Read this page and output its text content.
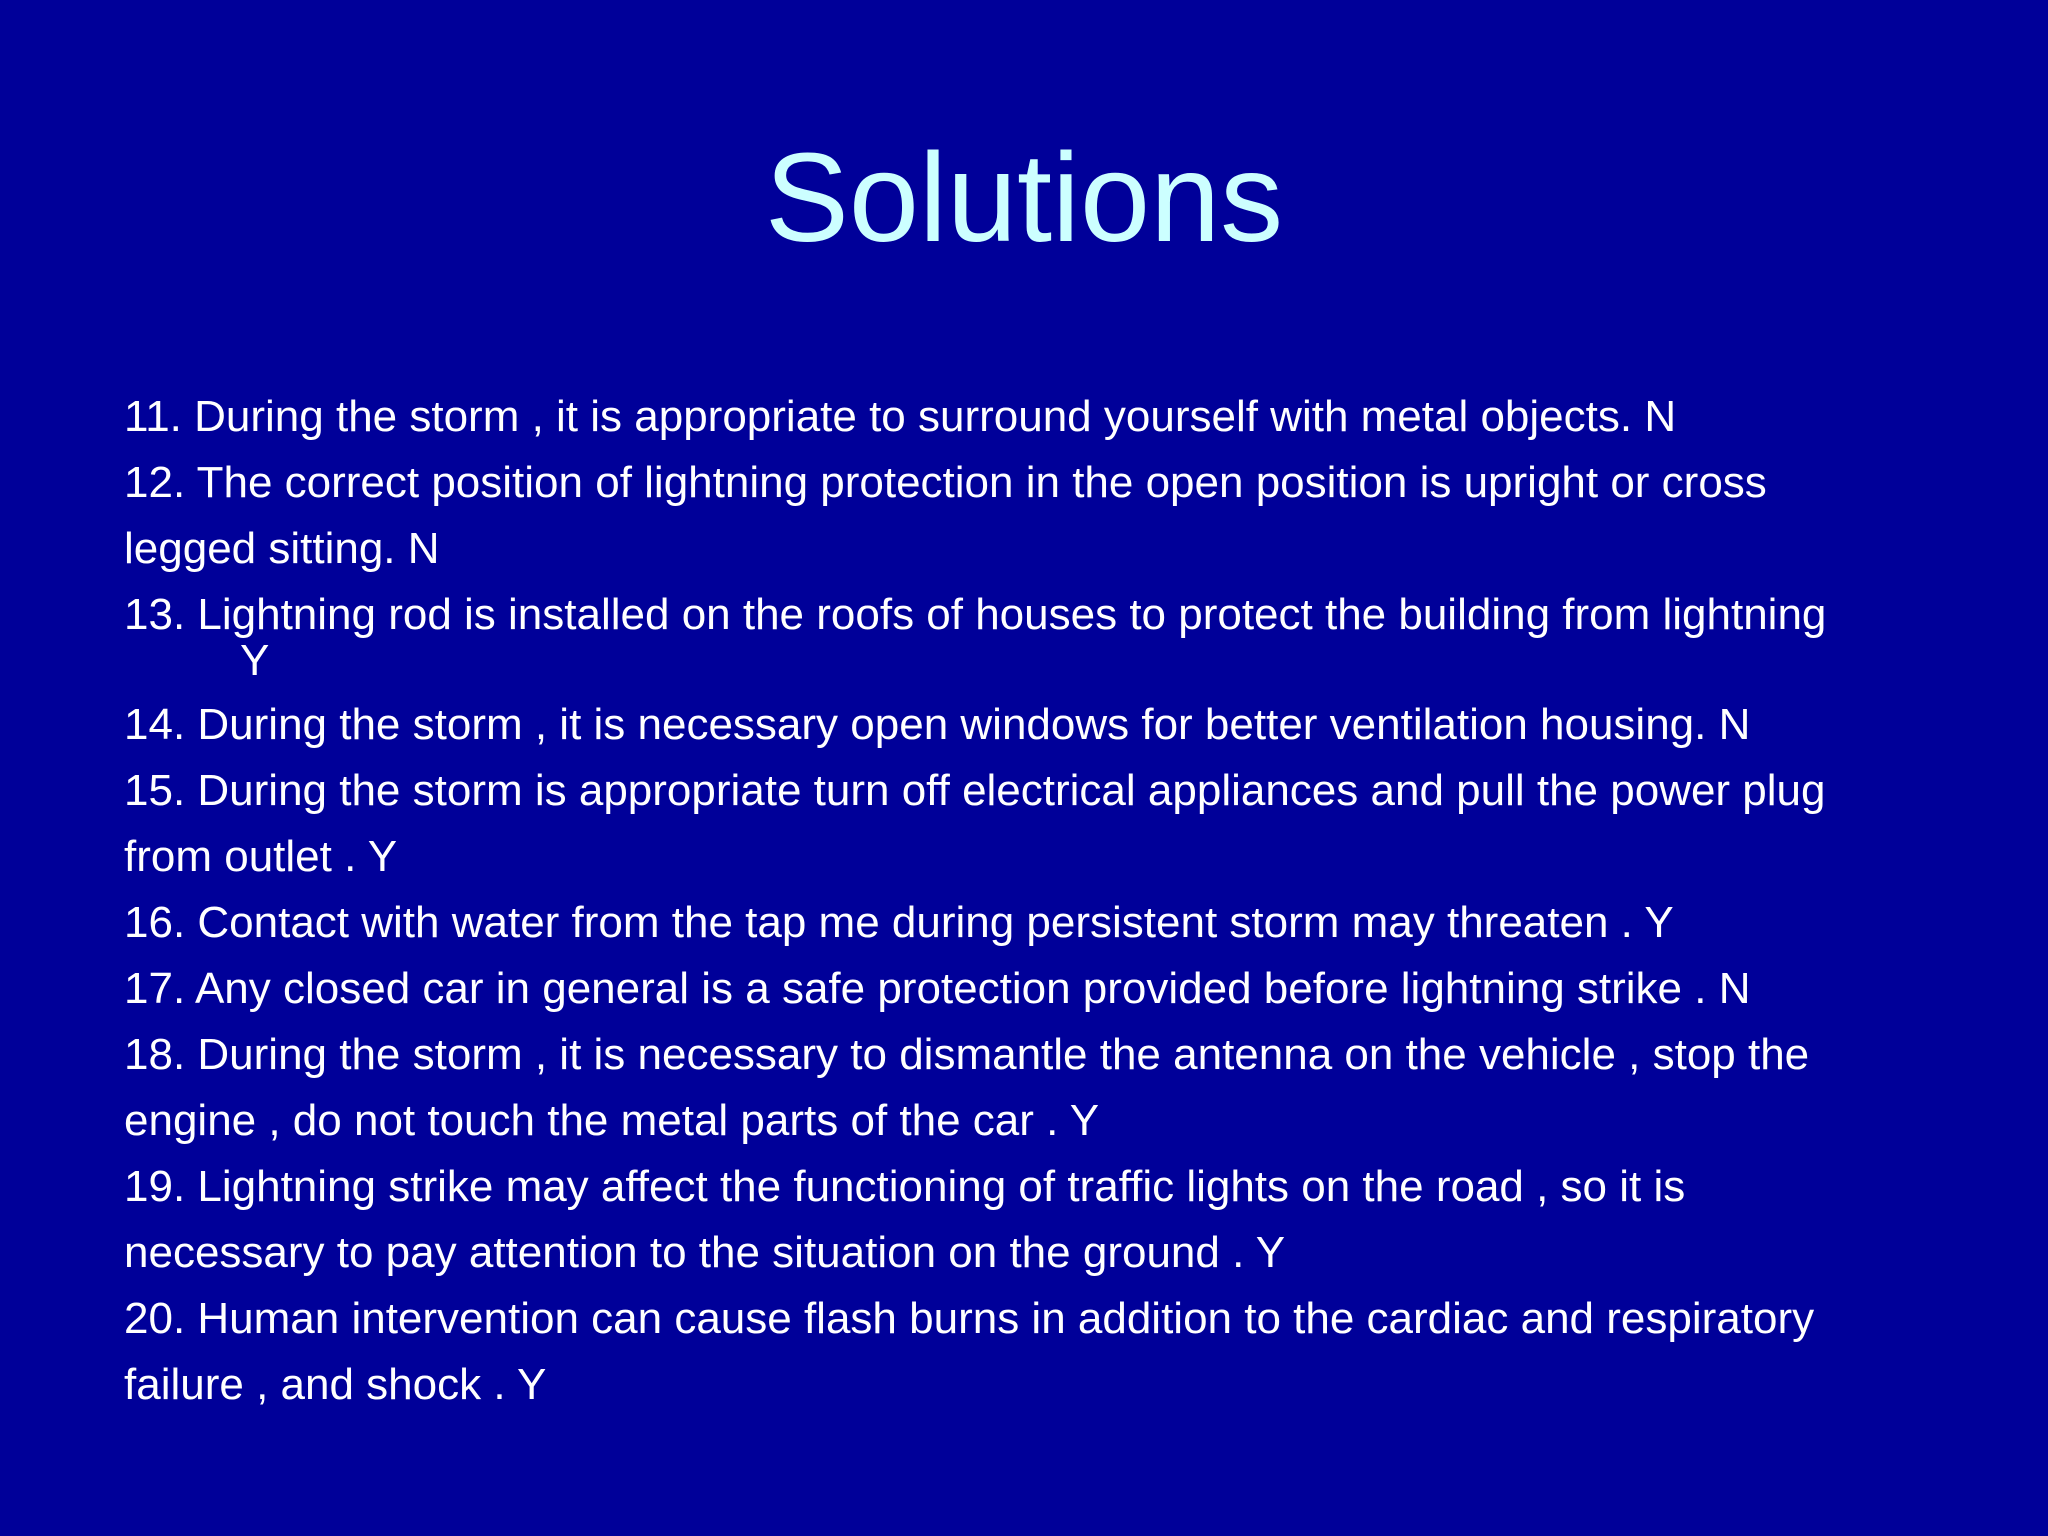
Solutions
11. During the storm , it is appropriate to surround yourself with metal objects. N
12. The correct position of lightning protection in the open position is upright or cross
legged sitting. N
13. Lightning rod is installed on the roofs of houses to protect the building from lightning
Y
14. During the storm , it is necessary open windows for better ventilation housing. N
15. During the storm is appropriate turn off electrical appliances and pull the power plug
from outlet . Y
16. Contact with water from the tap me during persistent storm may threaten . Y
17. Any closed car in general is a safe protection provided before lightning strike . N
18. During the storm , it is necessary to dismantle the antenna on the vehicle , stop the
engine , do not touch the metal parts of the car . Y
19. Lightning strike may affect the functioning of traffic lights on the road , so it is
necessary to pay attention to the situation on the ground . Y
20. Human intervention can cause flash burns in addition to the cardiac and respiratory
failure , and shock . Y
